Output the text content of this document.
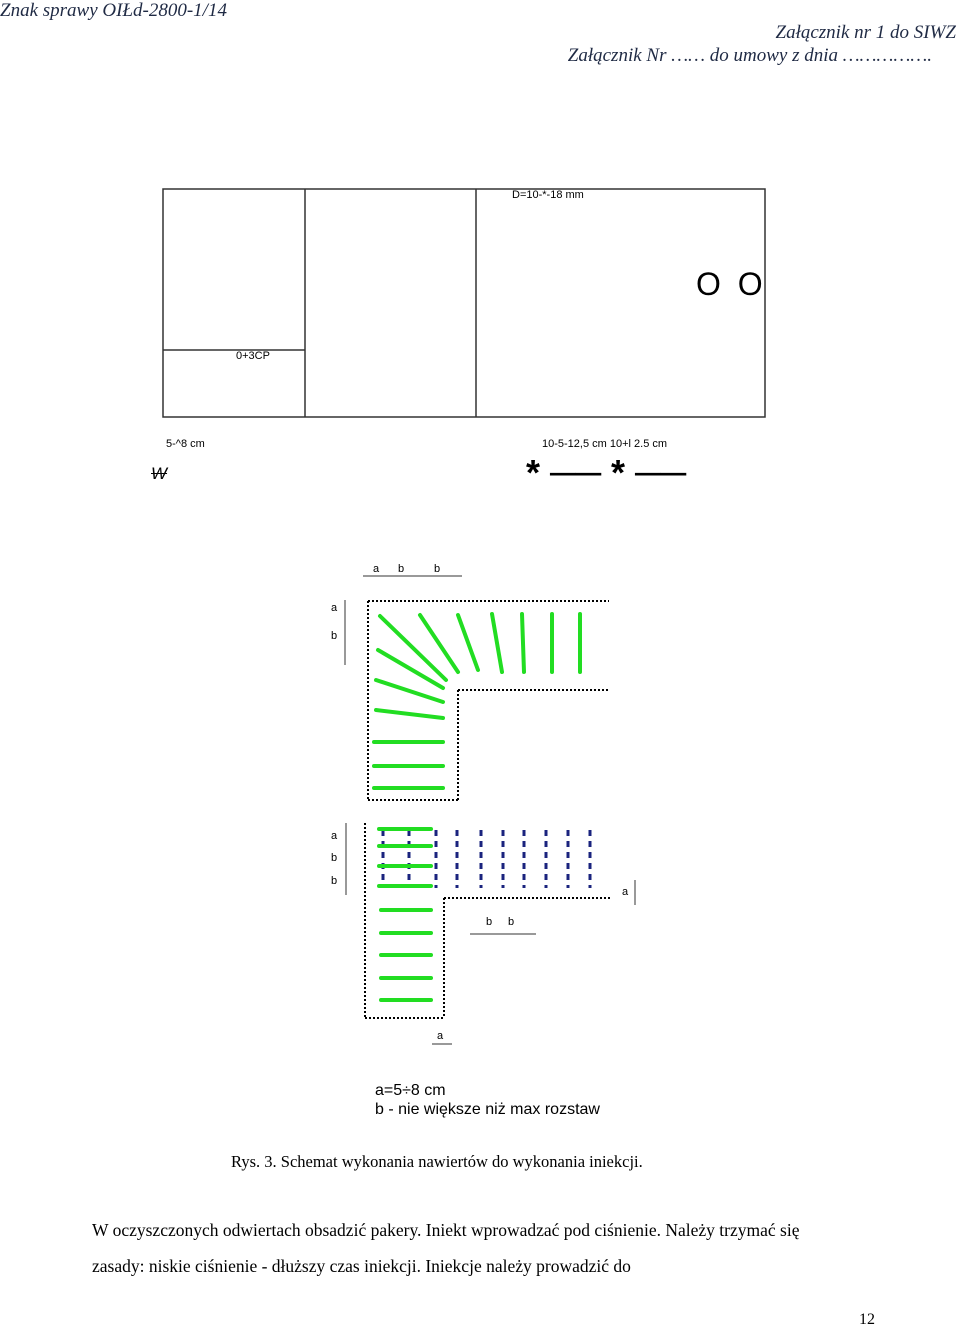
Znak sprawy OIŁd-2800-1/14
Załącznik nr 1 do SIWZ
Załącznik Nr …… do umowy z dnia …………….
D=10-*-18 mm
O O
0+3CP
5-^8 cm	10-5-12,5 cm 10+l 2.5 cm
W	* ── * ──
a b	b
a
b
a
b
b
a
b b
a
a=5÷8 cm
b - nie większe niż max rozstaw
Rys. 3. Schemat wykonania nawiertów do wykonania iniekcji.
W oczyszczonych odwiertach obsadzić pakery. Iniekt wprowadzać pod ciśnienie. Należy trzymać się
zasady: niskie ciśnienie - dłuższy czas iniekcji. Iniekcje należy prowadzić do
12
